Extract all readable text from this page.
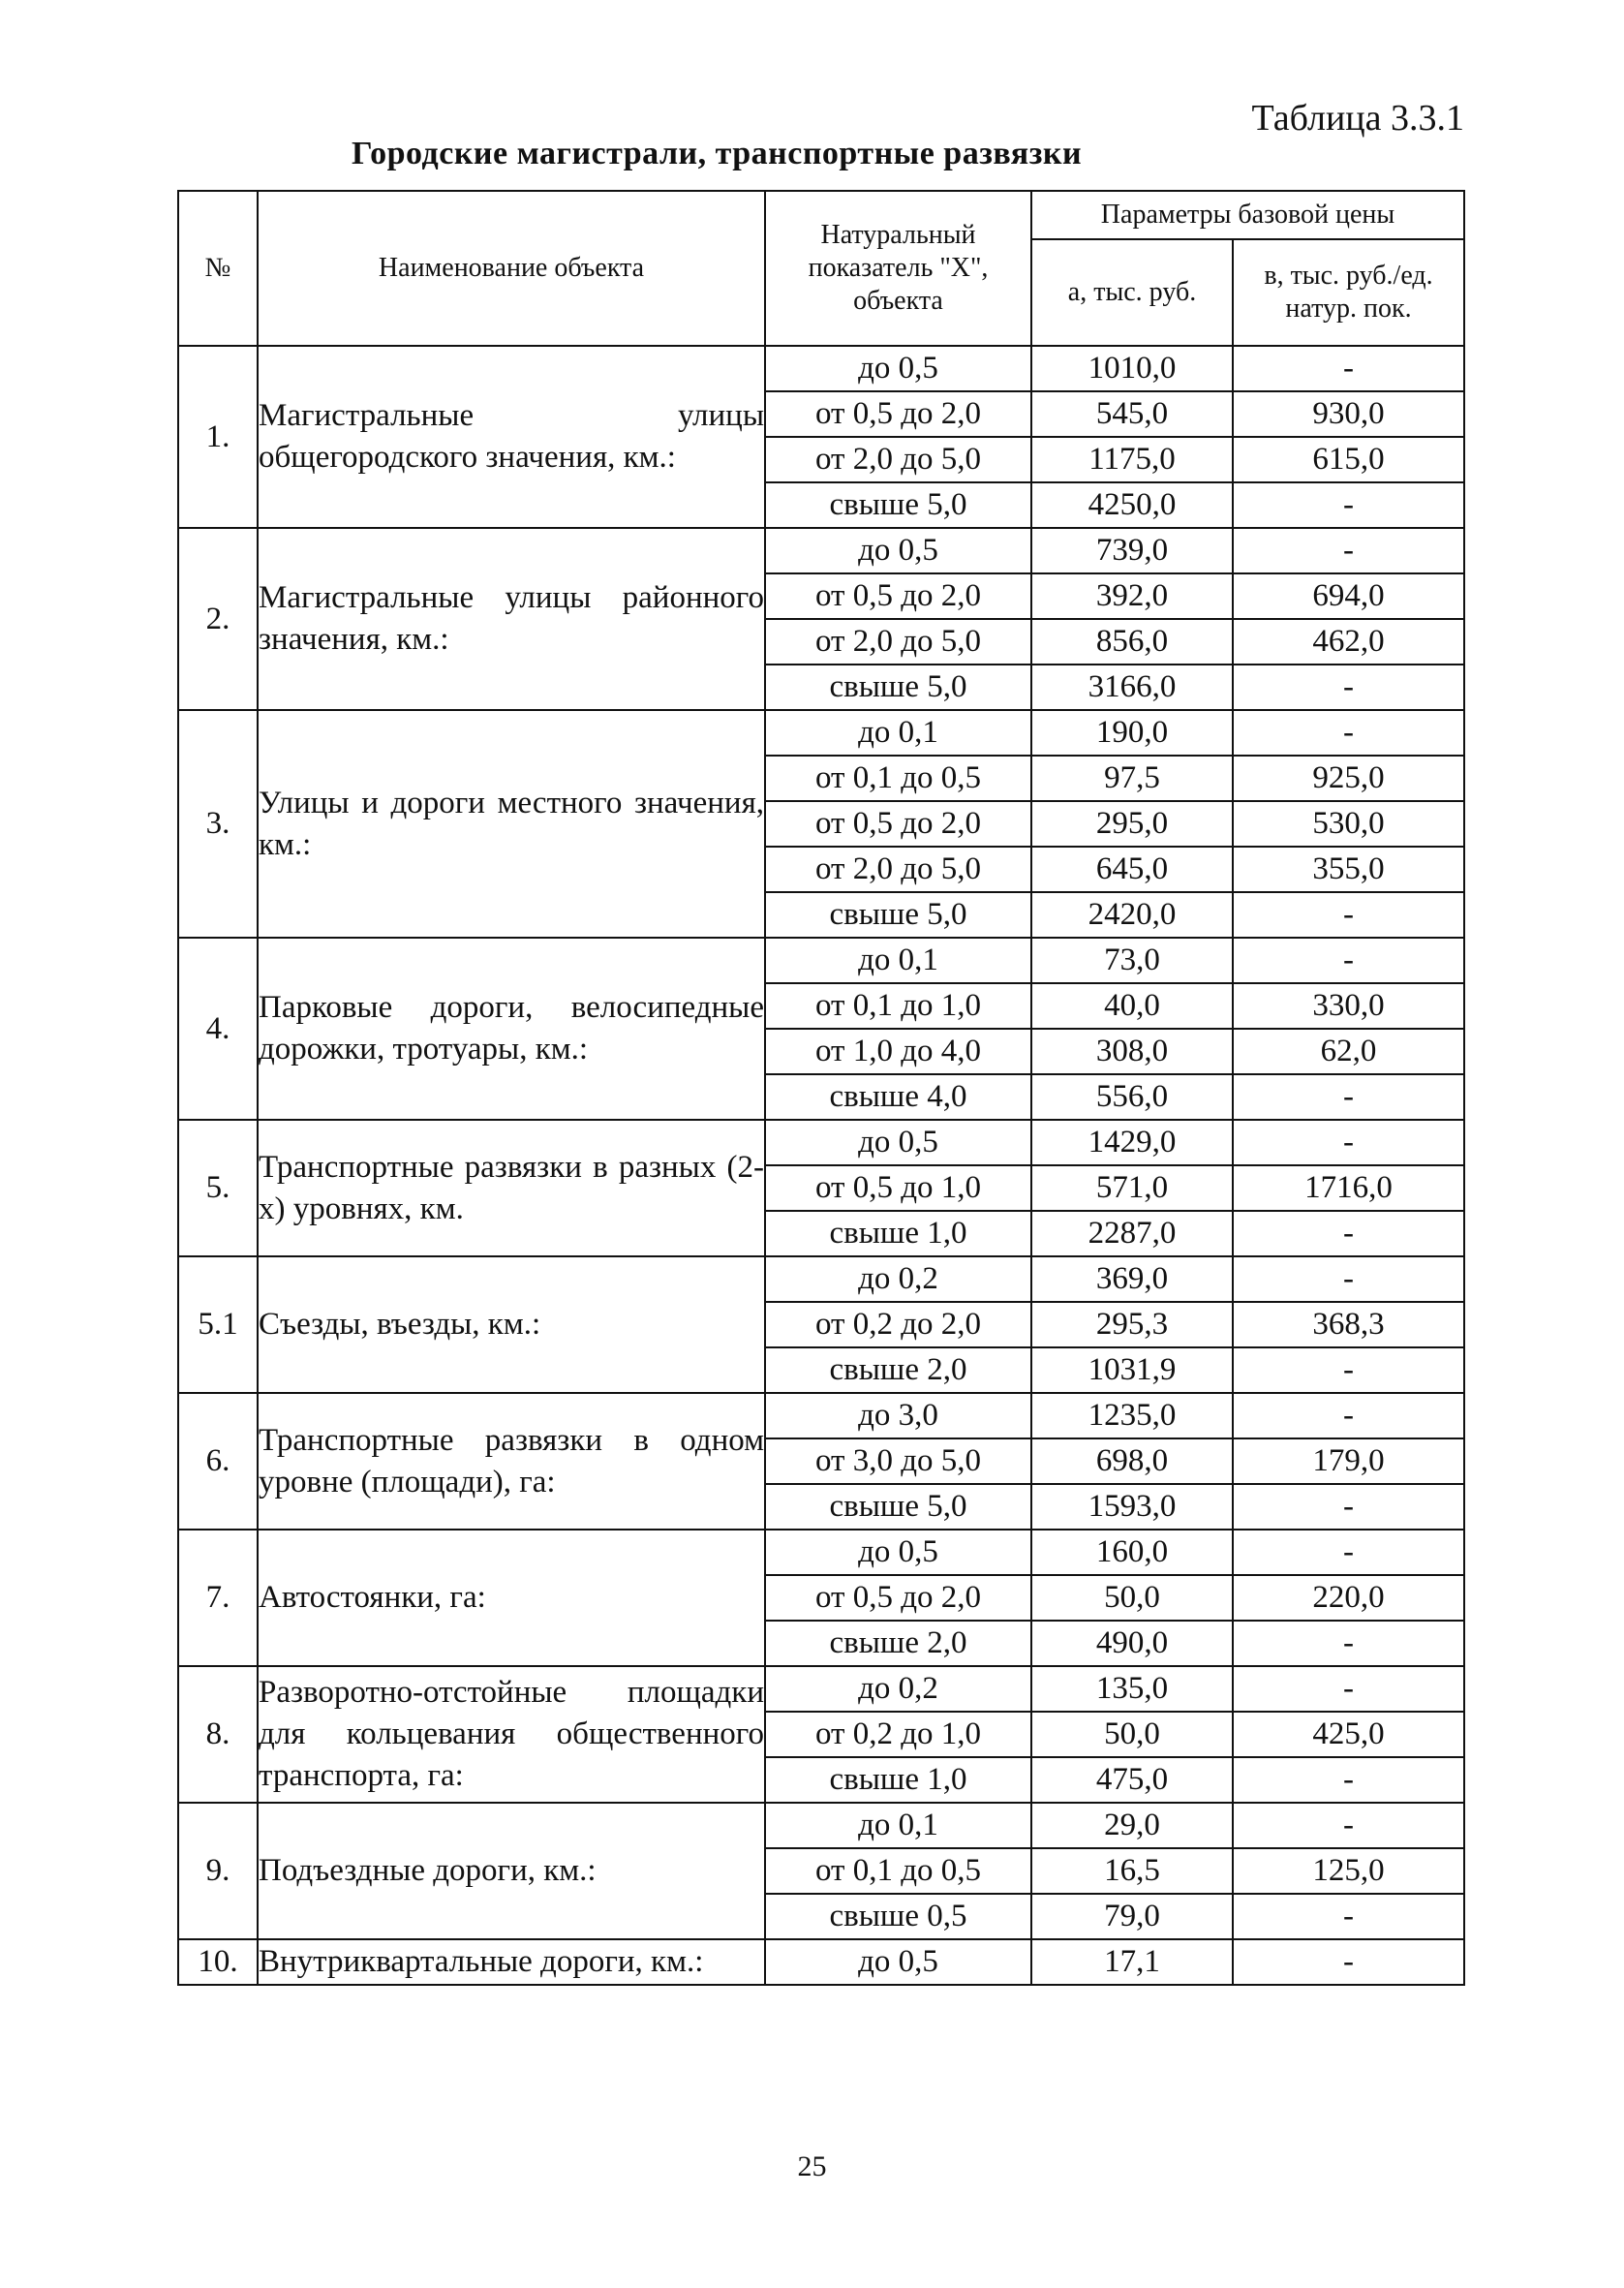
Таблица 3.3.1
Городские магистрали, транспортные развязки
№	Наименование объекта	Натуральный показатель "X", объекта	Параметры базовой цены	
			а, тыс. руб.	в, тыс. руб./ед. натур. пок.
1.	Магистральные улицы общегородского значения, км.:	до 0,5	1010,0	-
		от 0,5 до 2,0	545,0	930,0
		от 2,0 до 5,0	1175,0	615,0
		свыше 5,0	4250,0	-
2.	Магистральные улицы районного значения, км.:	до 0,5	739,0	-
		от 0,5 до 2,0	392,0	694,0
		от 2,0 до 5,0	856,0	462,0
		свыше 5,0	3166,0	-
3.	Улицы и дороги местного значения, км.:	до 0,1	190,0	-
		от 0,1 до 0,5	97,5	925,0
		от 0,5 до 2,0	295,0	530,0
		от 2,0 до 5,0	645,0	355,0
		свыше 5,0	2420,0	-
4.	Парковые дороги, велосипедные дорожки, тротуары, км.:	до 0,1	73,0	-
		от 0,1 до 1,0	40,0	330,0
		от 1,0 до 4,0	308,0	62,0
		свыше 4,0	556,0	-
5.	Транспортные развязки в разных (2-х) уровнях, км.	до 0,5	1429,0	-
		от 0,5 до 1,0	571,0	1716,0
		свыше 1,0	2287,0	-
5.1	Съезды, въезды, км.:	до 0,2	369,0	-
		от 0,2 до 2,0	295,3	368,3
		свыше 2,0	1031,9	-
6.	Транспортные развязки в одном уровне (площади), га:	до 3,0	1235,0	-
		от 3,0 до 5,0	698,0	179,0
		свыше 5,0	1593,0	-
7.	Автостоянки, га:	до 0,5	160,0	-
		от 0,5 до 2,0	50,0	220,0
		свыше 2,0	490,0	-
8.	Разворотно-отстойные площадки для кольцевания общественного транспорта, га:	до 0,2	135,0	-
		от 0,2 до 1,0	50,0	425,0
		свыше 1,0	475,0	-
9.	Подъездные дороги, км.:	до 0,1	29,0	-
		от 0,1 до 0,5	16,5	125,0
		свыше 0,5	79,0	-
10.	Внутриквартальные дороги, км.:	до 0,5	17,1	-
25
